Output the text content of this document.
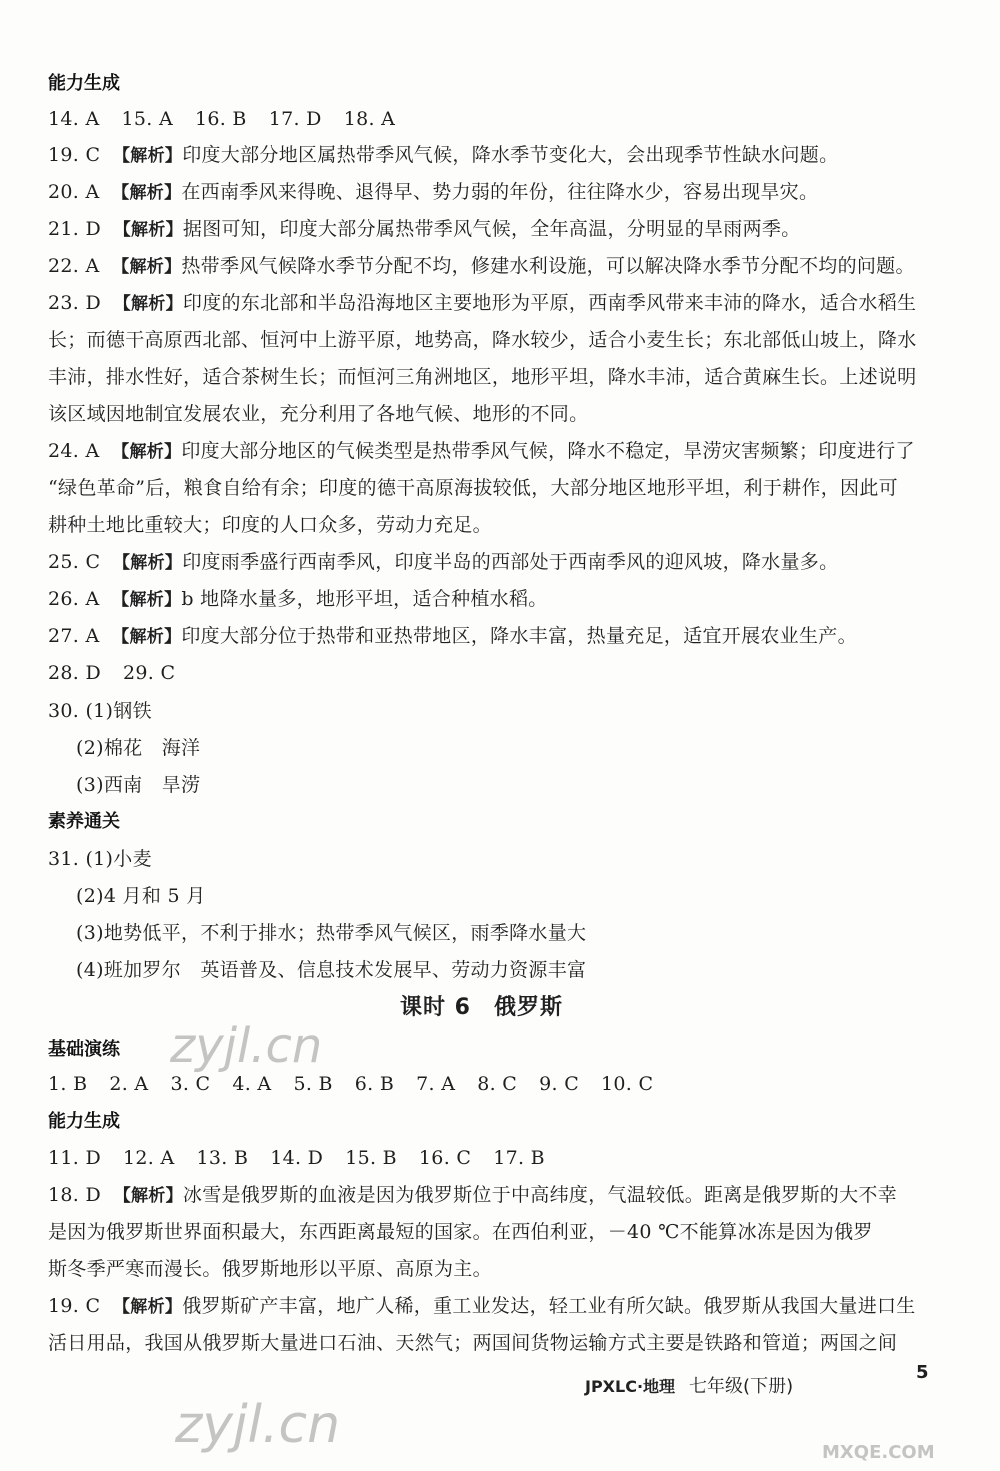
能力生成
14. A 15. A 16. B 17. D 18. A
19. C 【解析】印度大部分地区属热带季风气候，降水季节变化大，会出现季节性缺水问题。
20. A 【解析】在西南季风来得晚、退得早、势力弱的年份，往往降水少，容易出现旱灾。
21. D 【解析】据图可知，印度大部分属热带季风气候，全年高温，分明显的旱雨两季。
22. A 【解析】热带季风气候降水季节分配不均，修建水利设施，可以解决降水季节分配不均的问题。
23. D 【解析】印度的东北部和半岛沿海地区主要地形为平原，西南季风带来丰沛的降水，适合水稻生
长；而德干高原西北部、恒河中上游平原，地势高，降水较少，适合小麦生长；东北部低山坡上，降水
丰沛，排水性好，适合茶树生长；而恒河三角洲地区，地形平坦，降水丰沛，适合黄麻生长。上述说明
该区域因地制宜发展农业，充分利用了各地气候、地形的不同。
24. A 【解析】印度大部分地区的气候类型是热带季风气候，降水不稳定，旱涝灾害频繁；印度进行了
“绿色革命”后，粮食自给有余；印度的德干高原海拔较低，大部分地区地形平坦，利于耕作，因此可
耕种土地比重较大；印度的人口众多，劳动力充足。
25. C 【解析】印度雨季盛行西南季风，印度半岛的西部处于西南季风的迎风坡，降水量多。
26. A 【解析】b 地降水量多，地形平坦，适合种植水稻。
27. A 【解析】印度大部分位于热带和亚热带地区，降水丰富，热量充足，适宜开展农业生产。
28. D 29. C
30. (1)钢铁
(2)棉花　海洋
(3)西南　旱涝
素养通关
31. (1)小麦
(2)4 月和 5 月
(3)地势低平，不利于排水；热带季风气候区，雨季降水量大
(4)班加罗尔　英语普及、信息技术发展早、劳动力资源丰富
课时 6　俄罗斯
基础演练
1. B 2. A 3. C 4. A 5. B 6. B 7. A 8. C 9. C 10. C
能力生成
11. D 12. A 13. B 14. D 15. B 16. C 17. B
18. D 【解析】冰雪是俄罗斯的血液是因为俄罗斯位于中高纬度，气温较低。距离是俄罗斯的大不幸
是因为俄罗斯世界面积最大，东西距离最短的国家。在西伯利亚，－40 ℃不能算冰冻是因为俄罗
斯冬季严寒而漫长。俄罗斯地形以平原、高原为主。
19. C 【解析】俄罗斯矿产丰富，地广人稀，重工业发达，轻工业有所欠缺。俄罗斯从我国大量进口生
活日用品，我国从俄罗斯大量进口石油、天然气；两国间货物运输方式主要是铁路和管道；两国之间
JPXLC·地理 七年级(下册)
5
zyjl.cn
zyjl.cn	MXQE.COM
